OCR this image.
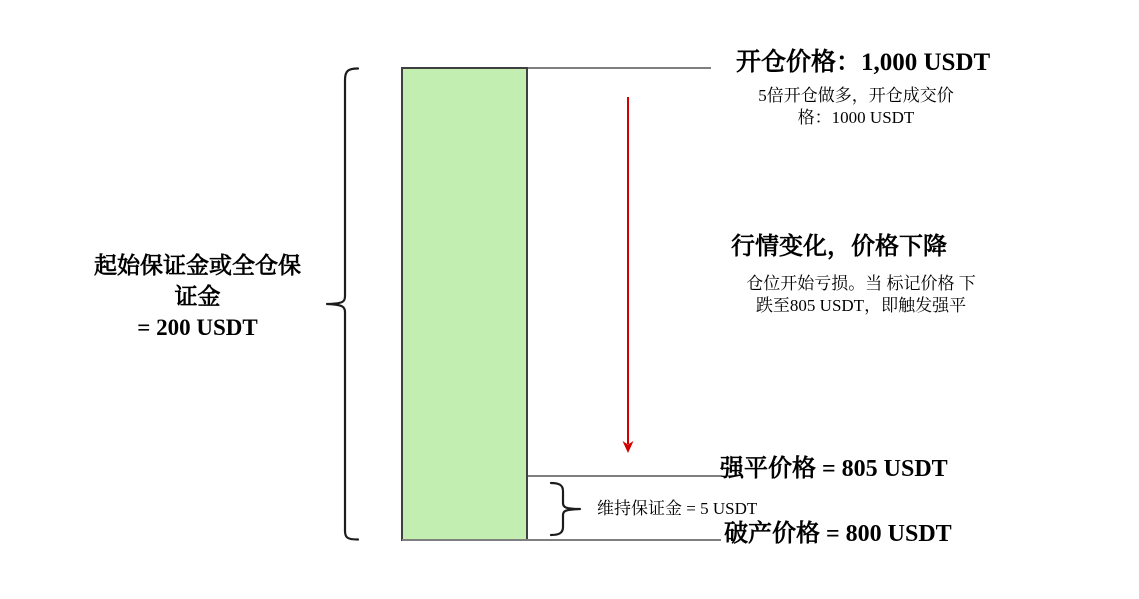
起始保证金或全仓保
证金
= 200 USDT
开仓价格：1,000 USDT
5倍开仓做多，开仓成交价
格：1000 USDT
行情变化，价格下降
仓位开始亏损。当 标记价格 下
跌至805 USDT，即触发强平
强平价格 = 805 USDT
维持保证金 = 5 USDT
破产价格 = 800 USDT
